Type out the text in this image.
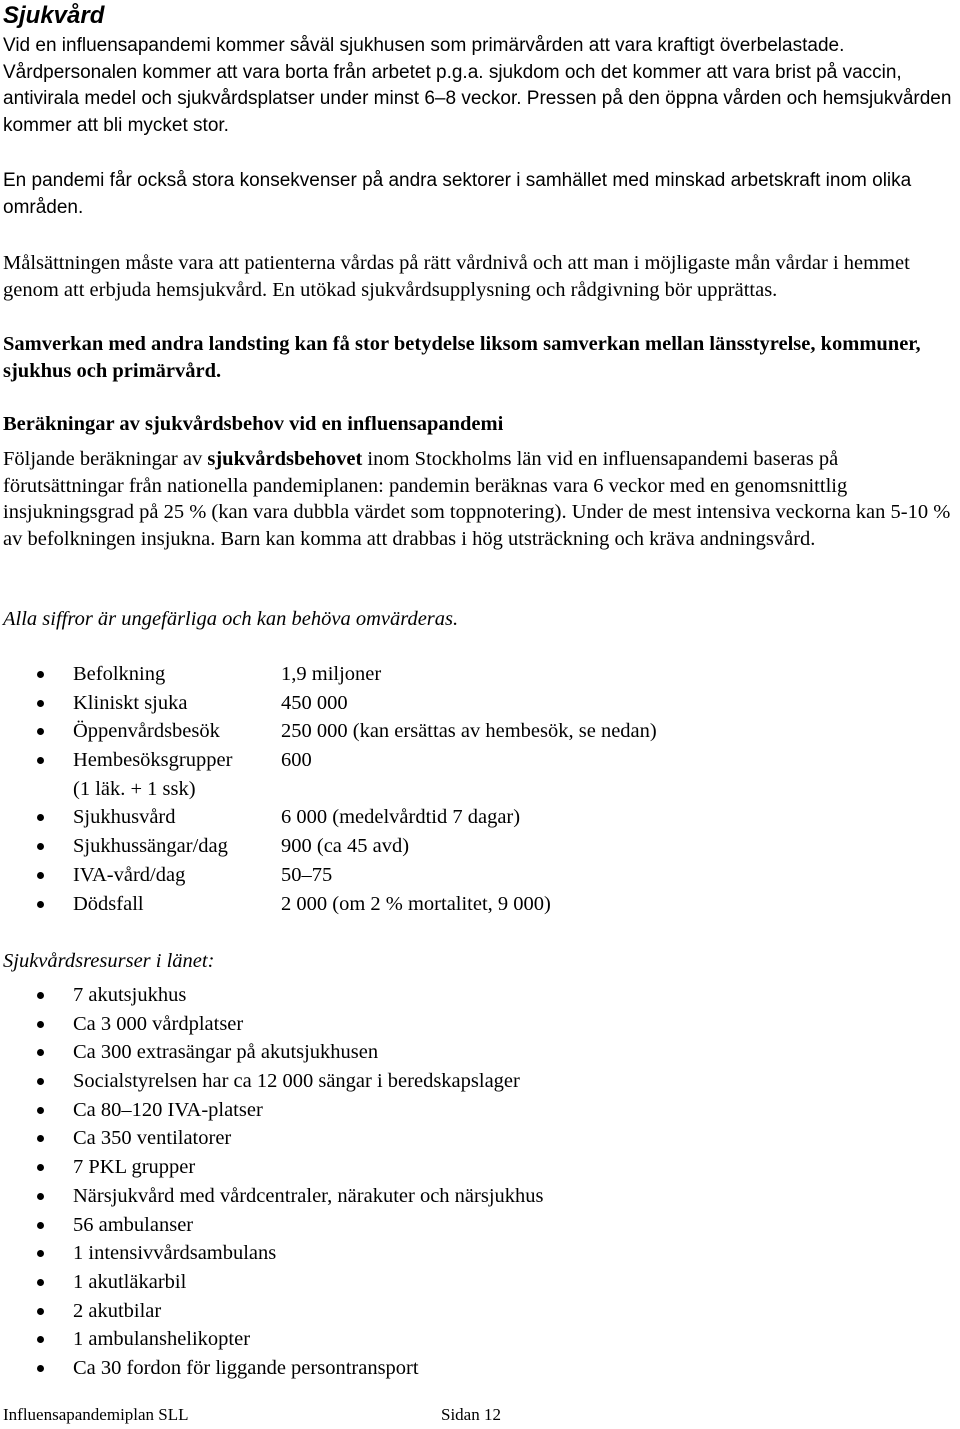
Sjukvård

Vid en influensapandemi kommer såväl sjukhusen som primärvården att vara kraftigt överbelastade. Vårdpersonalen kommer att vara borta från arbetet p.g.a. sjukdom och det kommer att vara brist på vaccin, antivirala medel och sjukvårdsplatser under minst 6–8 veckor. Pressen på den öppna vården och hemsjukvården kommer att bli mycket stor.

En pandemi får också stora konsekvenser på andra sektorer i samhället med minskad arbetskraft inom olika områden.

Målsättningen måste vara att patienterna vårdas på rätt vårdnivå och att man i möjligaste mån vårdar i hemmet genom att erbjuda hemsjukvård. En utökad sjukvårdsupplysning och rådgivning bör upprättas.

Samverkan med andra landsting kan få stor betydelse liksom samverkan mellan länsstyrelse, kommuner, sjukhus och primärvård.

Beräkningar av sjukvårdsbehov vid en influensapandemi

Följande beräkningar av sjukvårdsbehovet inom Stockholms län vid en influensapandemi baseras på förutsättningar från nationella pandemiplanen: pandemin beräknas vara 6 veckor med en genomsnittlig insjukningsgrad på 25 % (kan vara dubbla värdet som toppnotering). Under de mest intensiva veckorna kan 5-10 % av befolkningen insjukna. Barn kan komma att drabbas i hög utsträckning och kräva andningsvård.

Alla siffror är ungefärliga och kan behöva omvärderas.

Befolkning	1,9 miljoner
Kliniskt sjuka	450 000
Öppenvårdsbesök	250 000 (kan ersättas av hembesök, se nedan)
Hembesöksgrupper 600
(1 läk. + 1 ssk)
Sjukhusvård	6 000 (medelvårdtid 7 dagar)
Sjukhussängar/dag	900 (ca 45 avd)
IVA-vård/dag	50–75
Dödsfall	2 000 (om 2 % mortalitet, 9 000)

Sjukvårdsresurser i länet:

7 akutsjukhus
Ca 3 000 vårdplatser
Ca 300 extrasängar på akutsjukhusen
Socialstyrelsen har ca 12 000 sängar i beredskapslager
Ca 80–120 IVA-platser
Ca 350 ventilatorer
7 PKL grupper
Närsjukvård med vårdcentraler, närakuter och närsjukhus
56 ambulanser
1 intensivvårdsambulans
1 akutläkarbil
2 akutbilar
1 ambulanshelikopter
Ca 30 fordon för liggande persontransport
Influensapandemiplan SLL	Sidan 12
